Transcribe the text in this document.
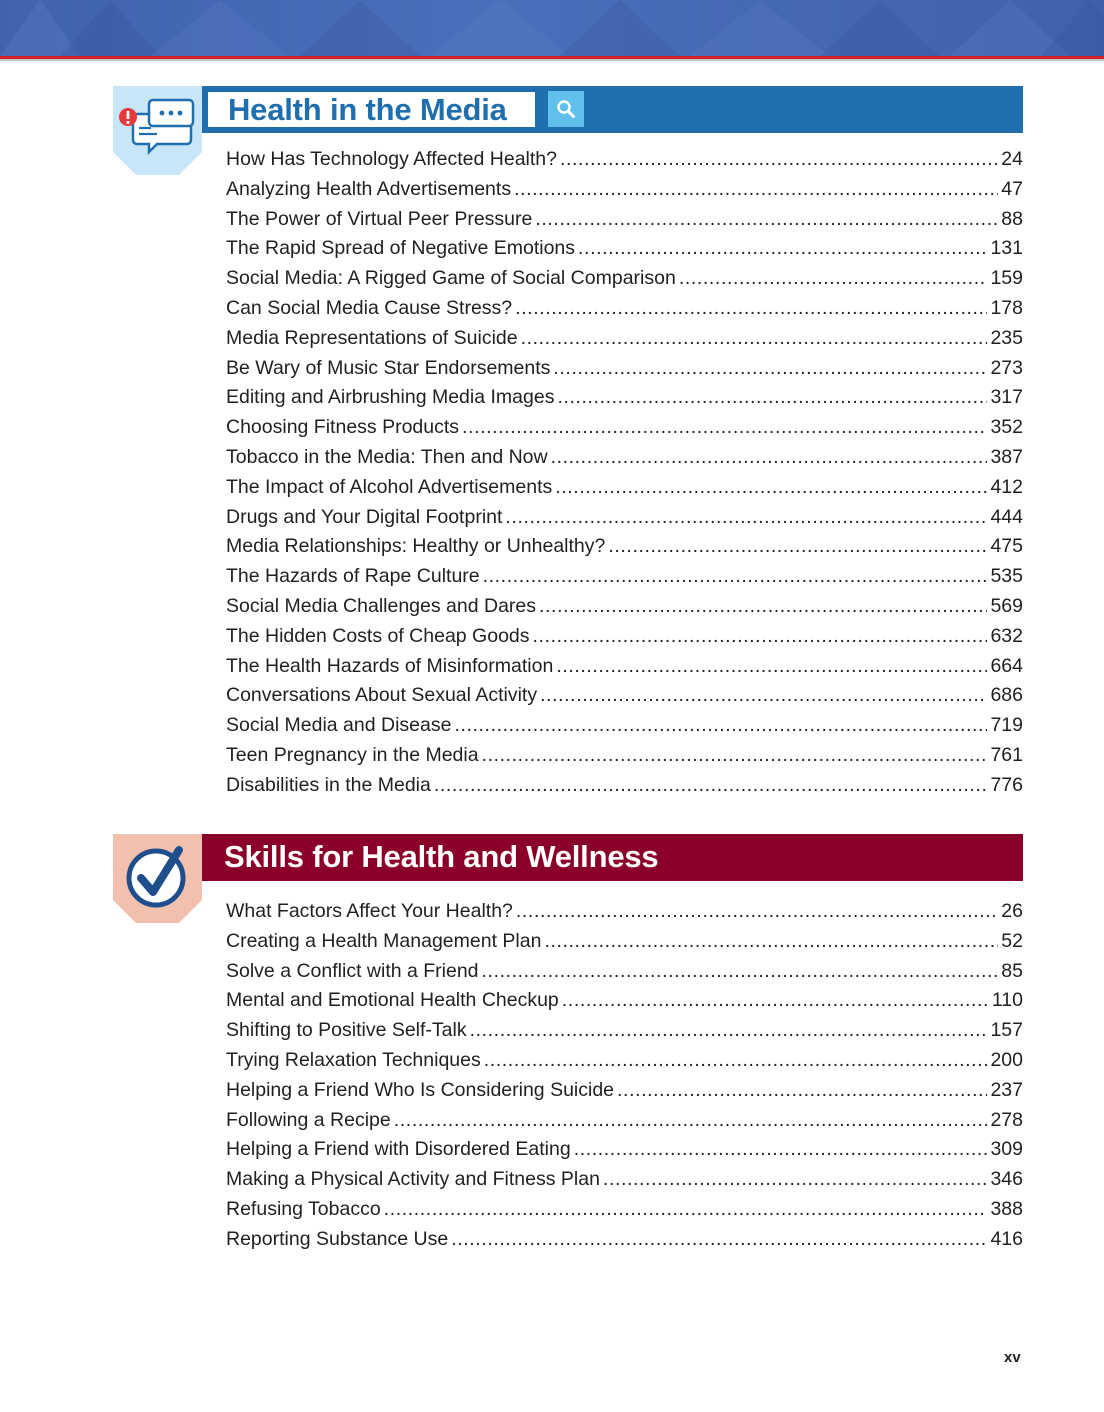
Health in the Media
How Has Technology Affected Health? .....	24
Analyzing Health Advertisements .....	47
The Power of Virtual Peer Pressure .....	88
The Rapid Spread of Negative Emotions .....	131
Social Media: A Rigged Game of Social Comparison .....	159
Can Social Media Cause Stress? .....	178
Media Representations of Suicide .....	235
Be Wary of Music Star Endorsements .....	273
Editing and Airbrushing Media Images .....	317
Choosing Fitness Products .....	352
Tobacco in the Media: Then and Now .....	387
The Impact of Alcohol Advertisements .....	412
Drugs and Your Digital Footprint .....	444
Media Relationships: Healthy or Unhealthy? .....	475
The Hazards of Rape Culture .....	535
Social Media Challenges and Dares .....	569
The Hidden Costs of Cheap Goods .....	632
The Health Hazards of Misinformation .....	664
Conversations About Sexual Activity .....	686
Social Media and Disease .....	719
Teen Pregnancy in the Media .....	761
Disabilities in the Media .....	776
Skills for Health and Wellness
What Factors Affect Your Health? .....	26
Creating a Health Management Plan .....	52
Solve a Conflict with a Friend .....	85
Mental and Emotional Health Checkup .....	110
Shifting to Positive Self-Talk .....	157
Trying Relaxation Techniques .....	200
Helping a Friend Who Is Considering Suicide .....	237
Following a Recipe .....	278
Helping a Friend with Disordered Eating .....	309
Making a Physical Activity and Fitness Plan .....	346
Refusing Tobacco .....	388
Reporting Substance Use .....	416
xv
